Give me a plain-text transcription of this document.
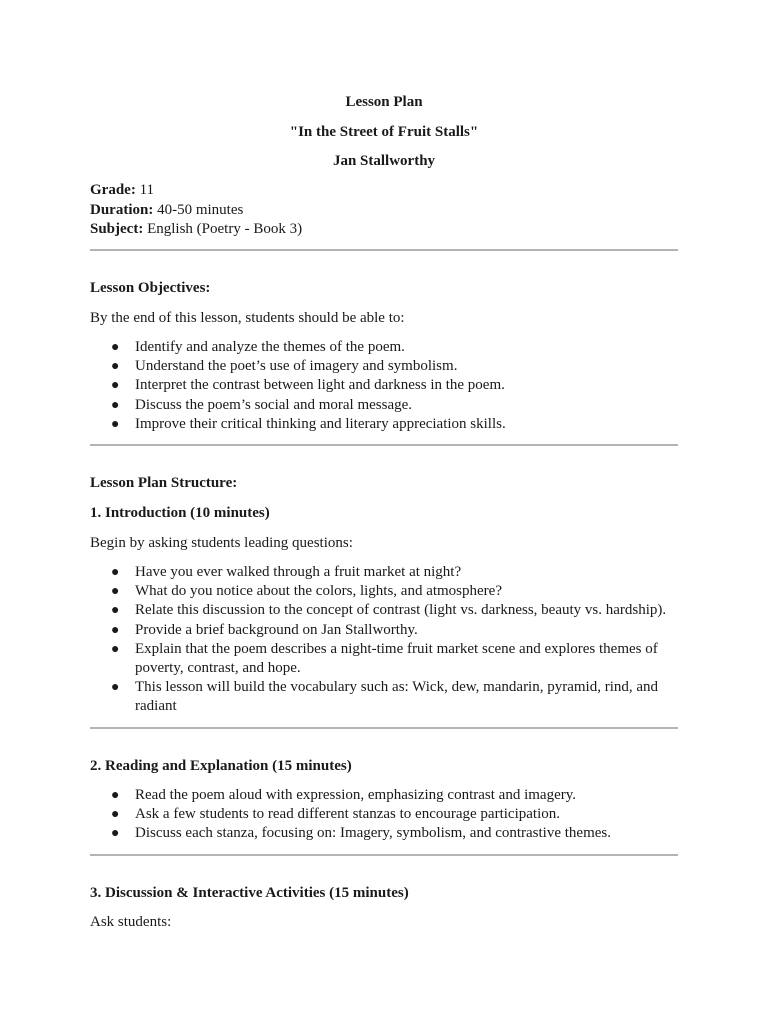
Lesson Plan
"In the Street of Fruit Stalls"
Jan Stallworthy
Grade: 11
Duration: 40-50 minutes
Subject: English (Poetry - Book 3)
Lesson Objectives:
By the end of this lesson, students should be able to:
● Identify and analyze the themes of the poem.
● Understand the poet’s use of imagery and symbolism.
● Interpret the contrast between light and darkness in the poem.
● Discuss the poem’s social and moral message.
● Improve their critical thinking and literary appreciation skills.
Lesson Plan Structure:
1. Introduction (10 minutes)
Begin by asking students leading questions:
● Have you ever walked through a fruit market at night?
● What do you notice about the colors, lights, and atmosphere?
● Relate this discussion to the concept of contrast (light vs. darkness, beauty vs. hardship).
● Provide a brief background on Jan Stallworthy.
● Explain that the poem describes a night-time fruit market scene and explores themes of poverty, contrast, and hope.
● This lesson will build the vocabulary such as: Wick, dew, mandarin, pyramid, rind, and radiant
2. Reading and Explanation (15 minutes)
● Read the poem aloud with expression, emphasizing contrast and imagery.
● Ask a few students to read different stanzas to encourage participation.
● Discuss each stanza, focusing on: Imagery, symbolism, and contrastive themes.
3. Discussion & Interactive Activities (15 minutes)
Ask students:
